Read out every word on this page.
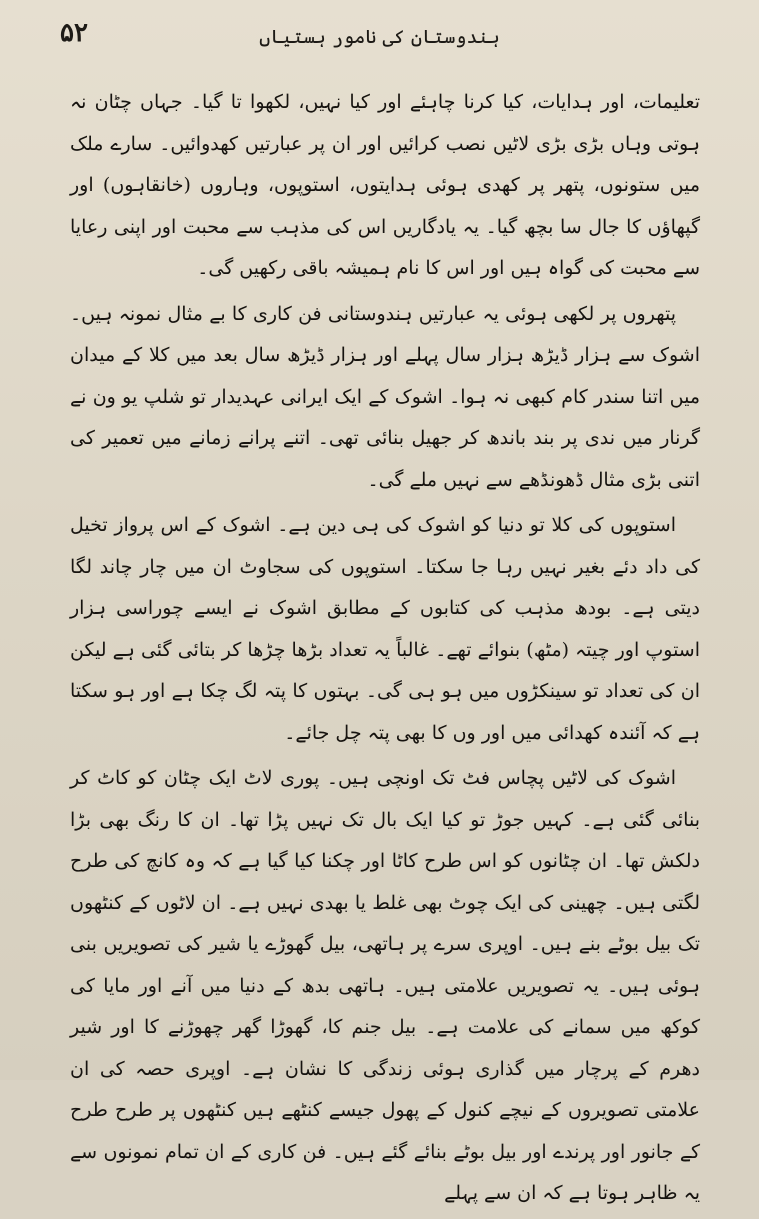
۵۲	ہندوستان کی نامور ہستیاں

تعلیمات، اور ہدایات، کیا کرنا چاہئے اور کیا نہیں، لکھوا تا گیا۔ جہاں چٹان نہ ہوتی وہاں بڑی بڑی لاٹیں نصب کرائیں اور ان پر عبارتیں کھدوائیں۔ سارے ملک میں ستونوں، پتھر پر کھدی ہوئی ہدایتوں، استوپوں، وہاروں (خانقاہوں) اور گپھاؤں کا جال سا بچھ گیا۔ یہ یادگاریں اس کی مذہب سے محبت اور اپنی رعایا سے محبت کی گواہ ہیں اور اس کا نام ہمیشہ باقی رکھیں گی۔

پتھروں پر لکھی ہوئی یہ عبارتیں ہندوستانی فن کاری کا بے مثال نمونہ ہیں۔ اشوک سے ہزار ڈیڑھ ہزار سال پہلے اور ہزار ڈیڑھ سال بعد میں کلا کے میدان میں اتنا سندر کام کبھی نہ ہوا۔ اشوک کے ایک ایرانی عہدیدار تو شلپ یو ون نے گرنار میں ندی پر بند باندھ کر جھیل بنائی تھی۔ اتنے پرانے زمانے میں تعمیر کی اتنی بڑی مثال ڈھونڈھے سے نہیں ملے گی۔

استوپوں کی کلا تو دنیا کو اشوک کی ہی دین ہے۔ اشوک کے اس پرواز تخیل کی داد دئے بغیر نہیں رہا جا سکتا۔ استوپوں کی سجاوٹ ان میں چار چاند لگا دیتی ہے۔ بودھ مذہب کی کتابوں کے مطابق اشوک نے ایسے چوراسی ہزار استوپ اور چیتہ (مٹھ) بنوائے تھے۔ غالباً یہ تعداد بڑھا چڑھا کر بتائی گئی ہے لیکن ان کی تعداد تو سینکڑوں میں ہو ہی گی۔ بہتوں کا پتہ لگ چکا ہے اور ہو سکتا ہے کہ آئندہ کھدائی میں اور وں کا بھی پتہ چل جائے۔

اشوک کی لاٹیں پچاس فٹ تک اونچی ہیں۔ پوری لاٹ ایک چٹان کو کاٹ کر بنائی گئی ہے۔ کہیں جوڑ تو کیا ایک بال تک نہیں پڑا تھا۔ ان کا رنگ بھی بڑا دلکش تھا۔ ان چٹانوں کو اس طرح کاٹا اور چکنا کیا گیا ہے کہ وہ کانچ کی طرح لگتی ہیں۔ چھینی کی ایک چوٹ بھی غلط یا بھدی نہیں ہے۔ ان لاٹوں کے کنٹھوں تک بیل بوٹے بنے ہیں۔ اوپری سرے پر ہاتھی، بیل گھوڑے یا شیر کی تصویریں بنی ہوئی ہیں۔ یہ تصویریں علامتی ہیں۔ ہاتھی بدھ کے دنیا میں آنے اور مایا کی کوکھ میں سمانے کی علامت ہے۔ بیل جنم کا، گھوڑا گھر چھوڑنے کا اور شیر دھرم کے پرچار میں گذاری ہوئی زندگی کا نشان ہے۔ اوپری حصہ کی ان علامتی تصویروں کے نیچے کنول کے پھول جیسے کنٹھے ہیں کنٹھوں پر طرح طرح کے جانور اور پرندے اور بیل بوٹے بنائے گئے ہیں۔ فن کاری کے ان تمام نمونوں سے یہ ظاہر ہوتا ہے کہ ان سے پہلے
